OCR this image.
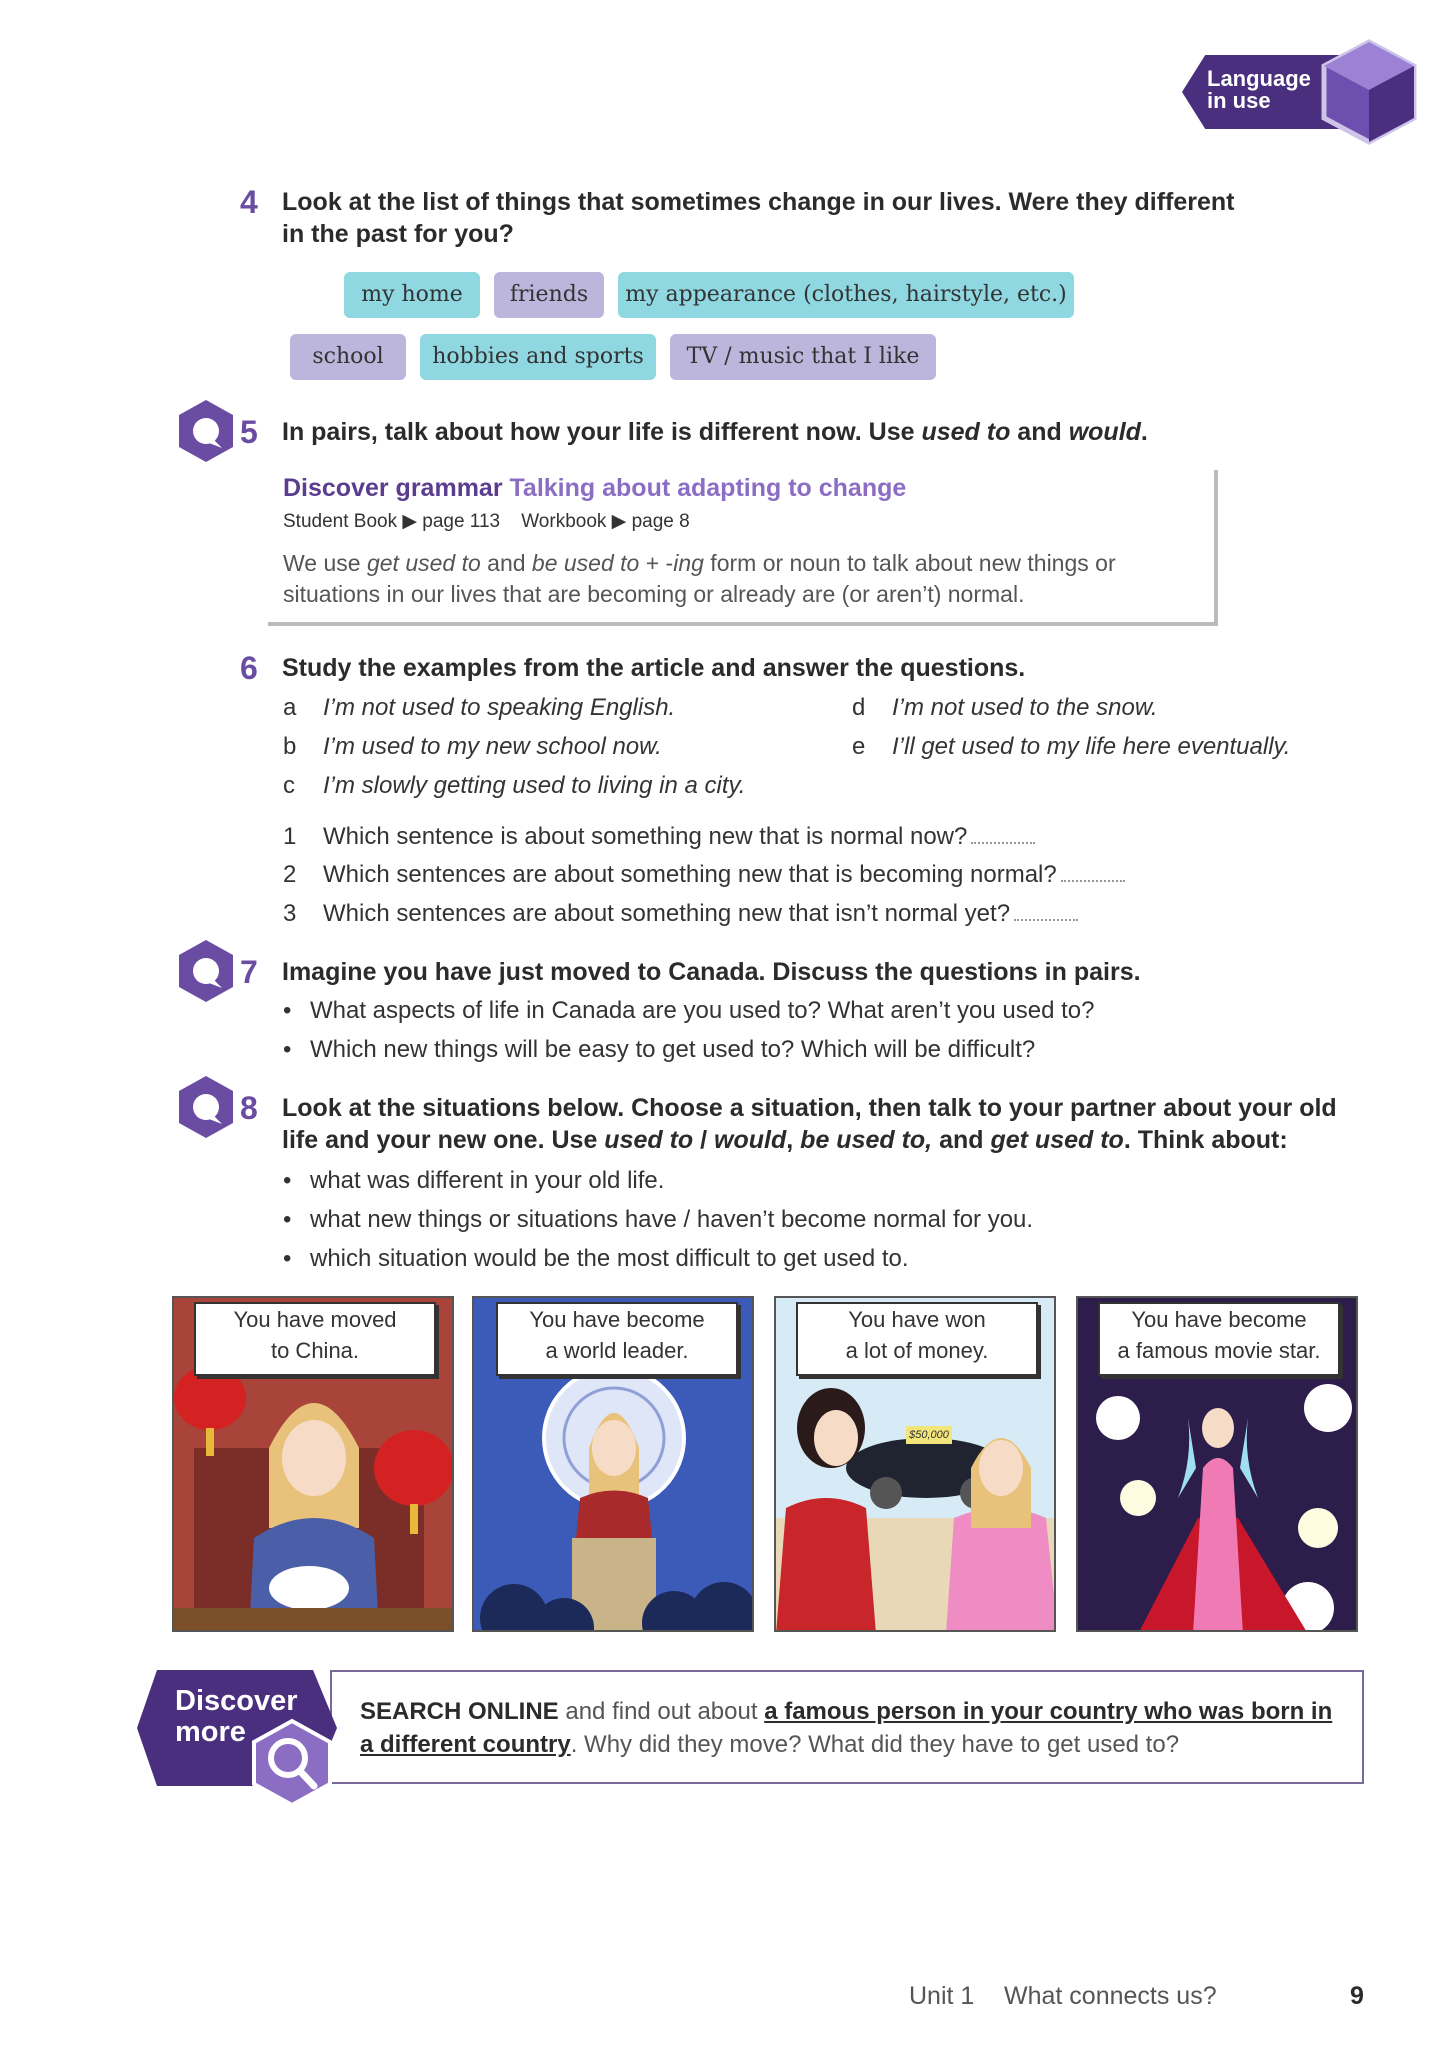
Language
in use
4 Look at the list of things that sometimes change in our lives. Were they different
in the past for you?
my home	friends	my appearance (clothes, hairstyle, etc.)
school	hobbies and sports	TV / music that I like
5 In pairs, talk about how your life is different now. Use used to and would.
Discover grammar Talking about adapting to change
Student Book ▶ page 113 Workbook ▶ page 8
We use get used to and be used to + -ing form or noun to talk about new things or situations in our lives that are becoming or already are (or aren’t) normal.
6 Study the examples from the article and answer the questions.
a I’m not used to speaking English.
b I’m used to my new school now.
c I’m slowly getting used to living in a city.
d I’m not used to the snow.
e I’ll get used to my life here eventually.
1 Which sentence is about something new that is normal now?
2 Which sentences are about something new that is becoming normal?
3 Which sentences are about something new that isn’t normal yet?
7 Imagine you have just moved to Canada. Discuss the questions in pairs.
• What aspects of life in Canada are you used to? What aren’t you used to?
• Which new things will be easy to get used to? Which will be difficult?
8 Look at the situations below. Choose a situation, then talk to your partner about your old
life and your new one. Use used to / would, be used to, and get used to. Think about:
• what was different in your old life.
• what new things or situations have / haven’t become normal for you.
• which situation would be the most difficult to get used to.
You have moved
to China.
You have become
a world leader.
$50,000
You have won
a lot of money.
You have become
a famous movie star.
Discover
more
SEARCH ONLINE and find out about a famous person in your country who was born in a different country. Why did they move? What did they have to get used to?
Unit 1 What connects us?	9
